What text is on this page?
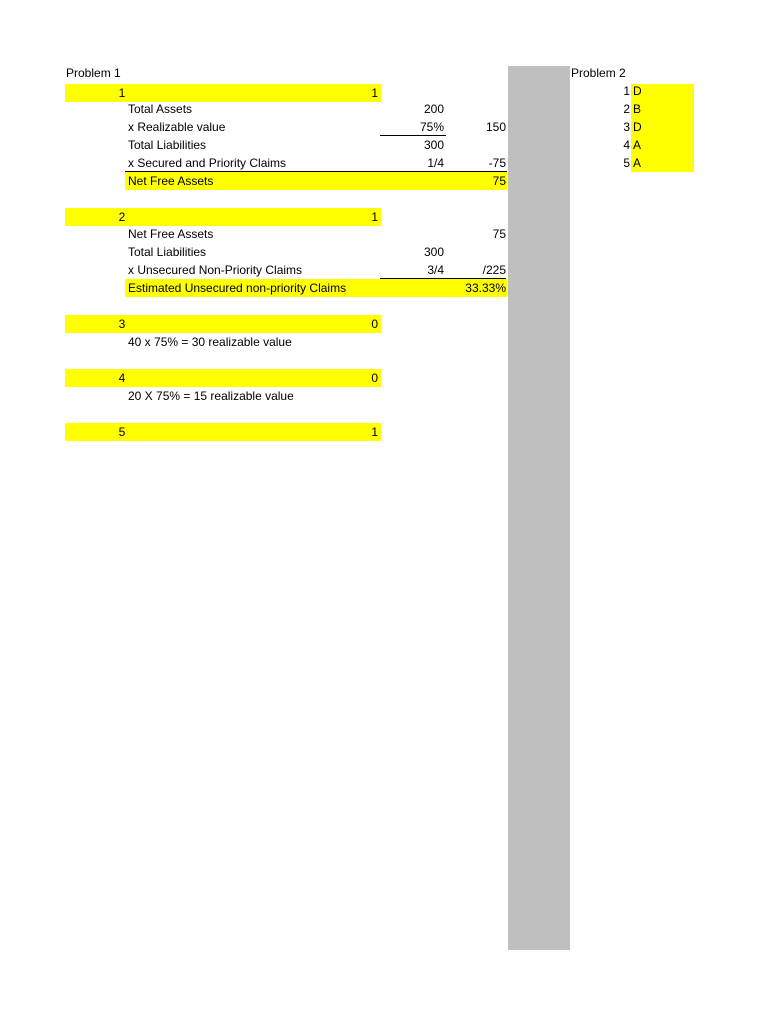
Problem 1
1	1
Total Assets	200
x Realizable value	75%	150
Total Liabilities	300
x Secured and Priority Claims	1/4	-75
Net Free Assets	75
2	1
Net Free Assets	75
Total Liabilities	300
x Unsecured Non-Priority Claims	3/4	/225
Estimated Unsecured non-priority Claims	33.33%
3	0
40 x 75% = 30 realizable value
4	0
20 X 75% = 15 realizable value
5	1
Problem 2
1 D
2 B
3 D
4 A
5 A
